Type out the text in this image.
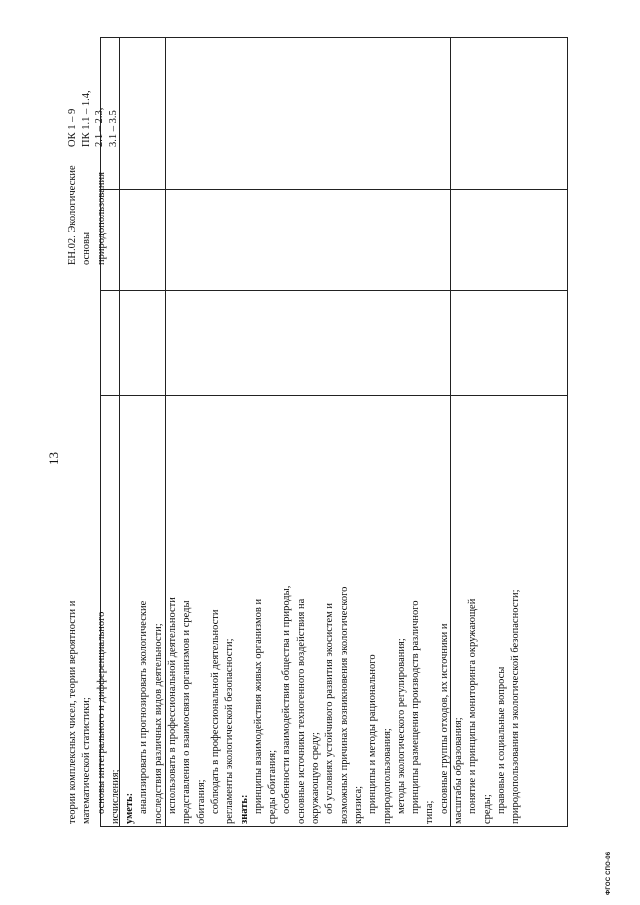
13
теории комплексных чисел, теории вероятности и математической статистики; основы интегрального и дифференциального исчисления; уметь: анализировать и прогнозировать экологические последствия различных видов деятельности; использовать в профессиональной деятельности представления о взаимосвязи организмов и среды обитания; соблюдать в профессиональной деятельности регламенты экологической безопасности; знать: принципы взаимодействия живых организмов и среды обитания; особенности взаимодействия общества и природы, основные источники техногенного воздействия на окружающую среду; об условиях устойчивого развития экосистем и возможных причинах возникновения экологического кризиса; принципы и методы рационального природопользования; методы экологического регулирования; принципы размещения производств различного типа; основные группы отходов, их источники и масштабы образования; понятие и принципы мониторинга окружающей среды; правовые и социальные вопросы природопользования и экологической безопасности;
ЕН.02. Экологические основы природопользования
ОК 1 – 9 ПК 1.1 – 1.4, 2.1 – 2.3, 3.1 – 3.5
ФГОС СПО-06
